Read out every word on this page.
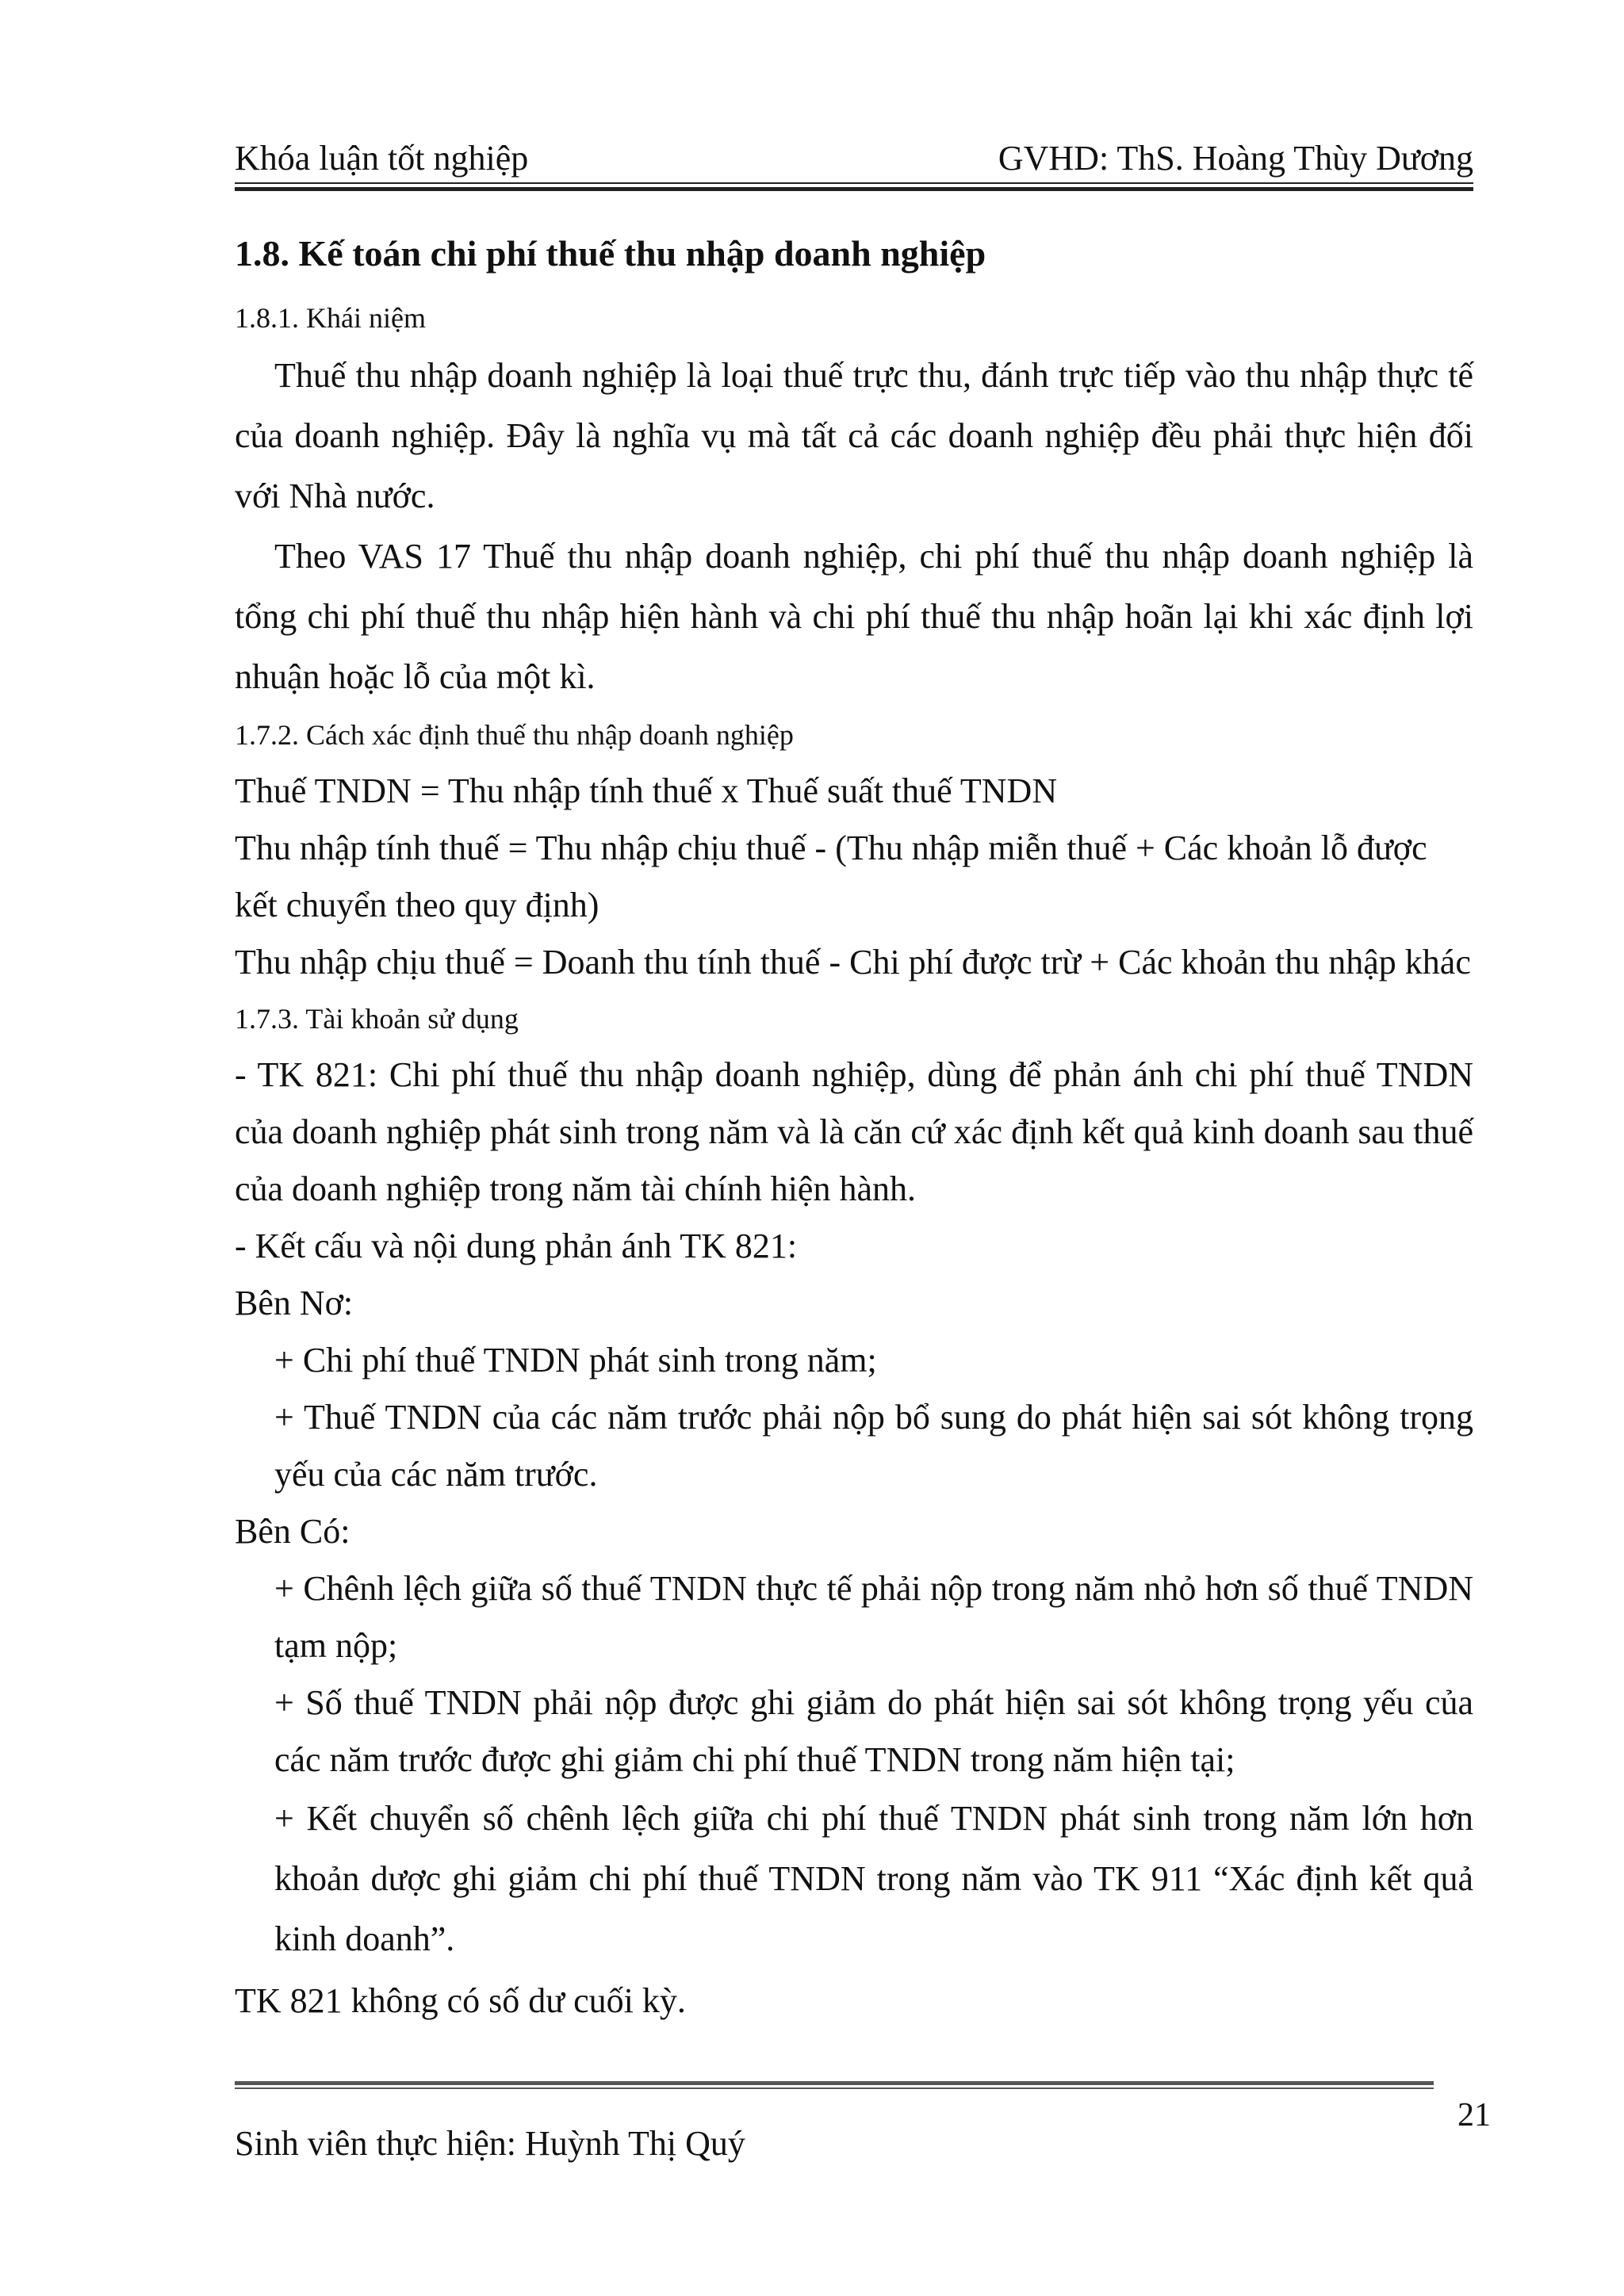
Khóa luận tốt nghiệp	GVHD: ThS. Hoàng Thùy Dương

1.8. Kế toán chi phí thuế thu nhập doanh nghiệp

1.8.1. Khái niệm

Thuế thu nhập doanh nghiệp là loại thuế trực thu, đánh trực tiếp vào thu nhập thực tế của doanh nghiệp. Đây là nghĩa vụ mà tất cả các doanh nghiệp đều phải thực hiện đối với Nhà nước.

Theo VAS 17 Thuế thu nhập doanh nghiệp, chi phí thuế thu nhập doanh nghiệp là tổng chi phí thuế thu nhập hiện hành và chi phí thuế thu nhập hoãn lại khi xác định lợi nhuận hoặc lỗ của một kì.

1.7.2. Cách xác định thuế thu nhập doanh nghiệp

Thuế TNDN = Thu nhập tính thuế x Thuế suất thuế TNDN

Thu nhập tính thuế = Thu nhập chịu thuế - (Thu nhập miễn thuế + Các khoản lỗ được kết chuyển theo quy định)

Thu nhập chịu thuế = Doanh thu tính thuế - Chi phí được trừ + Các khoản thu nhập khác

1.7.3. Tài khoản sử dụng

- TK 821: Chi phí thuế thu nhập doanh nghiệp, dùng để phản ánh chi phí thuế TNDN của doanh nghiệp phát sinh trong năm và là căn cứ xác định kết quả kinh doanh sau thuế của doanh nghiệp trong năm tài chính hiện hành.

- Kết cấu và nội dung phản ánh TK 821:

Bên Nơ:

+ Chi phí thuế TNDN phát sinh trong năm;

+ Thuế TNDN của các năm trước phải nộp bổ sung do phát hiện sai sót không trọng yếu của các năm trước.

Bên Có:

+ Chênh lệch giữa số thuế TNDN thực tế phải nộp trong năm nhỏ hơn số thuế TNDN tạm nộp;

+ Số thuế TNDN phải nộp được ghi giảm do phát hiện sai sót không trọng yếu của các năm trước được ghi giảm chi phí thuế TNDN trong năm hiện tại;

+ Kết chuyển số chênh lệch giữa chi phí thuế TNDN phát sinh trong năm lớn hơn khoản dược ghi giảm chi phí thuế TNDN trong năm vào TK 911 “Xác định kết quả kinh doanh”.

TK 821 không có số dư cuối kỳ.

21
Sinh viên thực hiện: Huỳnh Thị Quý
